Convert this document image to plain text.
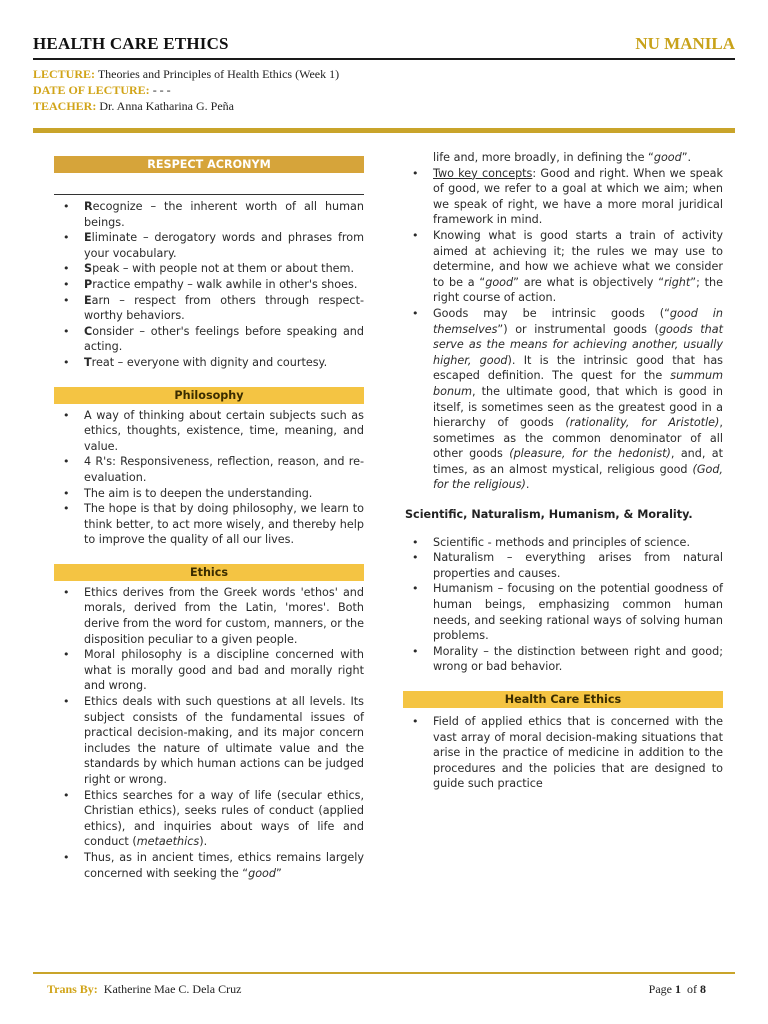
HEALTH CARE ETHICS	NU MANILA
LECTURE: Theories and Principles of Health Ethics (Week 1)
DATE OF LECTURE: - - -
TEACHER: Dr. Anna Katharina G. Peña
RESPECT ACRONYM
• Recognize – the inherent worth of all human beings.
• Eliminate – derogatory words and phrases from your vocabulary.
• Speak – with people not at them or about them.
• Practice empathy – walk awhile in other's shoes.
• Earn – respect from others through respect-worthy behaviors.
• Consider – other's feelings before speaking and acting.
• Treat – everyone with dignity and courtesy.
Philosophy
• A way of thinking about certain subjects such as ethics, thoughts, existence, time, meaning, and value.
• 4 R's: Responsiveness, reflection, reason, and re-evaluation.
• The aim is to deepen the understanding.
• The hope is that by doing philosophy, we learn to think better, to act more wisely, and thereby help to improve the quality of all our lives.
Ethics
• Ethics derives from the Greek words 'ethos' and morals, derived from the Latin, 'mores'. Both derive from the word for custom, manners, or the disposition peculiar to a given people.
• Moral philosophy is a discipline concerned with what is morally good and bad and morally right and wrong.
• Ethics deals with such questions at all levels. Its subject consists of the fundamental issues of practical decision-making, and its major concern includes the nature of ultimate value and the standards by which human actions can be judged right or wrong.
• Ethics searches for a way of life (secular ethics, Christian ethics), seeks rules of conduct (applied ethics), and inquiries about ways of life and conduct (metaethics).
• Thus, as in ancient times, ethics remains largely concerned with seeking the “good”
life and, more broadly, in defining the “good”.
• Two key concepts: Good and right. When we speak of good, we refer to a goal at which we aim; when we speak of right, we have a more moral juridical framework in mind.
• Knowing what is good starts a train of activity aimed at achieving it; the rules we may use to determine, and how we achieve what we consider to be a “good” are what is objectively “right”; the right course of action.
• Goods may be intrinsic goods (“good in themselves”) or instrumental goods (goods that serve as the means for achieving another, usually higher, good). It is the intrinsic good that has escaped definition. The quest for the summum bonum, the ultimate good, that which is good in itself, is sometimes seen as the greatest good in a hierarchy of goods (rationality, for Aristotle), sometimes as the common denominator of all other goods (pleasure, for the hedonist), and, at times, as an almost mystical, religious good (God, for the religious).
Scientific, Naturalism, Humanism, & Morality.
• Scientific - methods and principles of science.
• Naturalism – everything arises from natural properties and causes.
• Humanism – focusing on the potential goodness of human beings, emphasizing common human needs, and seeking rational ways of solving human problems.
• Morality – the distinction between right and good; wrong or bad behavior.
Health Care Ethics
• Field of applied ethics that is concerned with the vast array of moral decision-making situations that arise in the practice of medicine in addition to the procedures and the policies that are designed to guide such practice
Trans By: Katherine Mae C. Dela Cruz	Page 1 of 8
